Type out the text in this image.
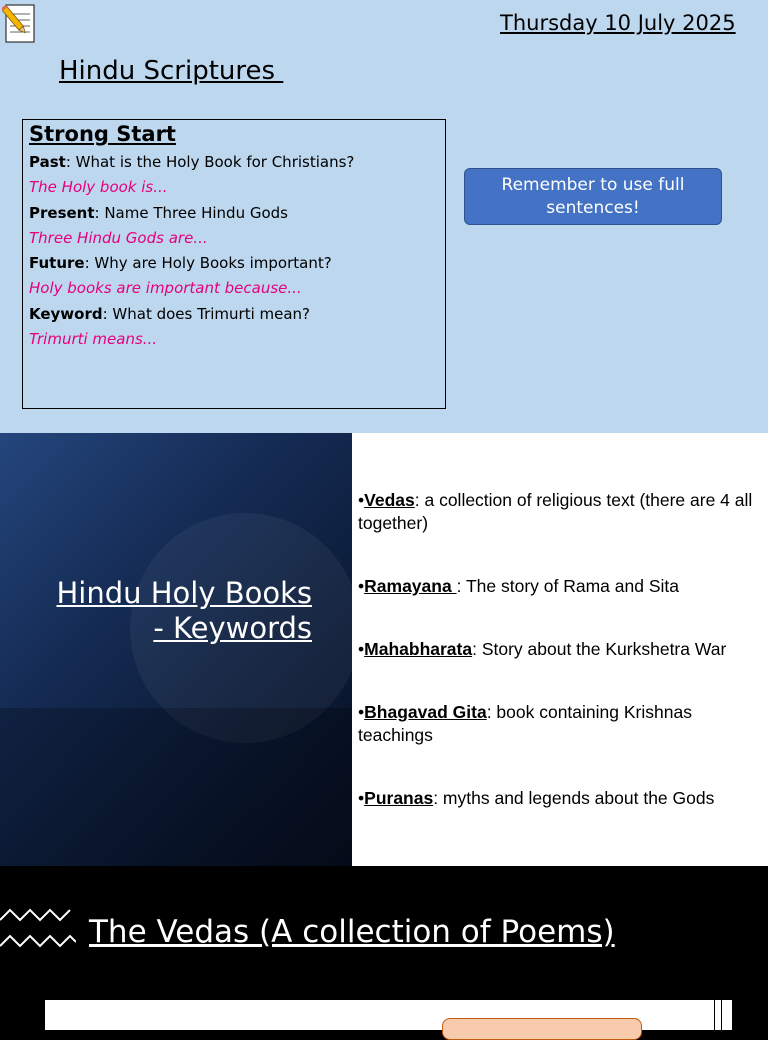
Thursday 10 July 2025
Hindu Scriptures
Strong Start
Past: What is the Holy Book for Christians?
The Holy book is...
Present: Name Three Hindu Gods
Three Hindu Gods are...
Future: Why are Holy Books important?
Holy books are important because...
Keyword: What does Trimurti mean?
Trimurti means...
Remember to use full sentences!
Hindu Holy Books - Keywords
•Vedas: a collection of religious text (there are 4 all together)
•Ramayana : The story of Rama and Sita
•Mahabharata: Story about the Kurkshetra War
•Bhagavad Gita: book containing Krishnas teachings
•Puranas: myths and legends about the Gods
The Vedas (A collection of Poems)
